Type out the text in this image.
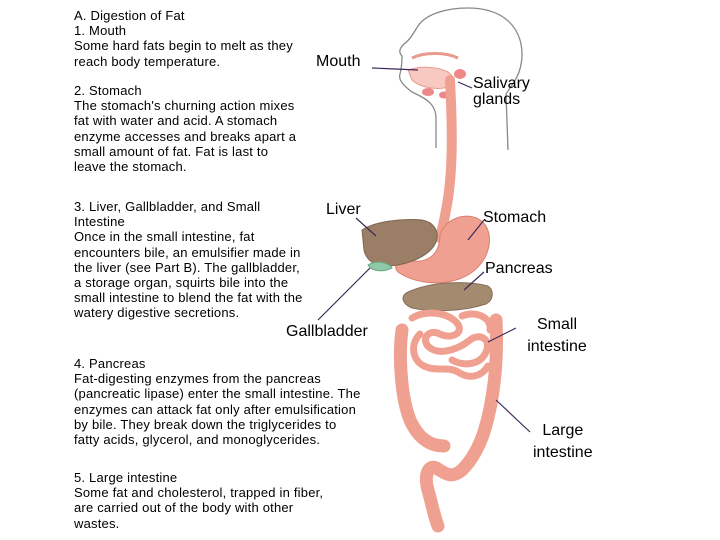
A. Digestion of Fat
1. Mouth
Some hard fats begin to melt as they reach body temperature.
2. Stomach
The stomach's churning action mixes fat with water and acid. A stomach enzyme accesses and breaks apart a small amount of fat. Fat is last to leave the stomach.
3. Liver, Gallbladder, and Small Intestine
Once in the small intestine, fat encounters bile, an emulsifier made in the liver (see Part B). The gallbladder, a storage organ, squirts bile into the small intestine to blend the fat with the watery digestive secretions.
4. Pancreas
Fat-digesting enzymes from the pancreas (pancreatic lipase) enter the small intestine. The enzymes can attack fat only after emulsification by bile. They break down the triglycerides to fatty acids, glycerol, and monoglycerides.
5. Large intestine
Some fat and cholesterol, trapped in fiber, are carried out of the body with other wastes.
Mouth
Salivary
glands
Liver	Stomach
Pancreas
Gallbladder	Small
intestine
Large
intestine
